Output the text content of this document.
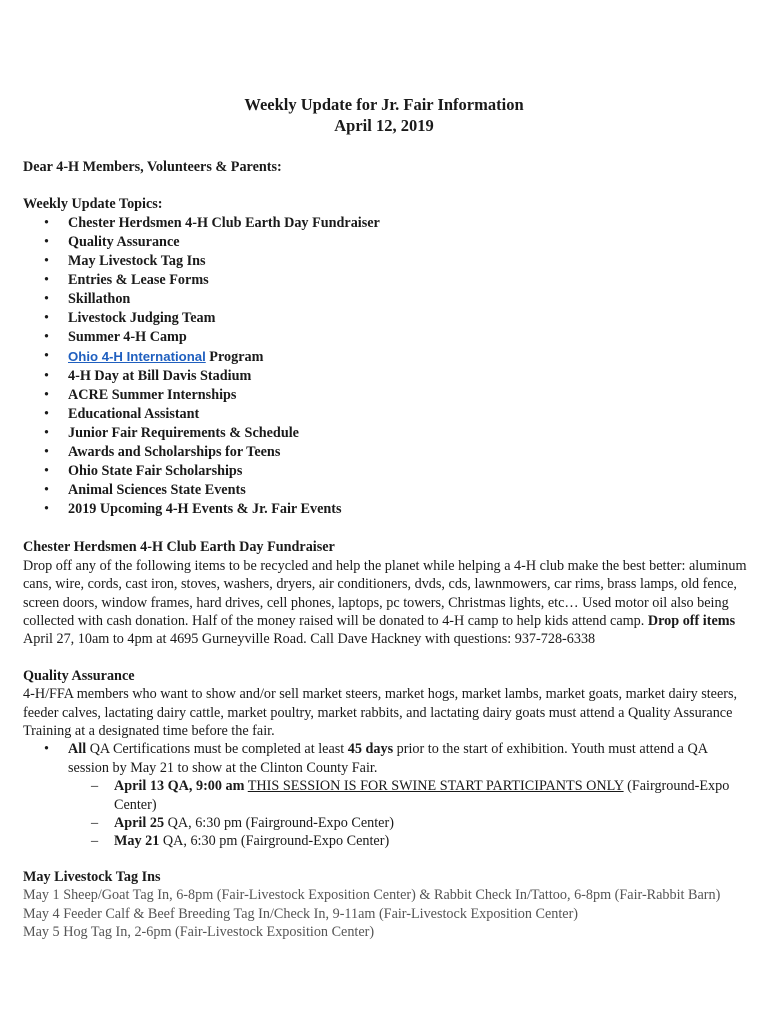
Weekly Update for Jr. Fair Information
April 12, 2019
Dear 4-H Members, Volunteers & Parents:
Weekly Update Topics:
• Chester Herdsmen 4-H Club Earth Day Fundraiser
• Quality Assurance
• May Livestock Tag Ins
• Entries & Lease Forms
• Skillathon
• Livestock Judging Team
• Summer 4-H Camp
• Ohio 4-H International Program
• 4-H Day at Bill Davis Stadium
• ACRE Summer Internships
• Educational Assistant
• Junior Fair Requirements & Schedule
• Awards and Scholarships for Teens
• Ohio State Fair Scholarships
• Animal Sciences State Events
• 2019 Upcoming 4-H Events & Jr. Fair Events
Chester Herdsmen 4-H Club Earth Day Fundraiser

Drop off any of the following items to be recycled and help the planet while helping a 4-H club make the best better: aluminum cans, wire, cords, cast iron, stoves, washers, dryers, air conditioners, dvds, cds, lawnmowers, car rims, brass lamps, old fence, screen doors, window frames, hard drives, cell phones, laptops, pc towers, Christmas lights, etc… Used motor oil also being collected with cash donation. Half of the money raised will be donated to 4-H camp to help kids attend camp. Drop off items April 27, 10am to 4pm at 4695 Gurneyville Road. Call Dave Hackney with questions: 937-728-6338

Quality Assurance

4-H/FFA members who want to show and/or sell market steers, market hogs, market lambs, market goats, market dairy steers, feeder calves, lactating dairy cattle, market poultry, market rabbits, and lactating dairy goats must attend a Quality Assurance Training at a designated time before the fair.

• All QA Certifications must be completed at least 45 days prior to the start of exhibition. Youth must attend a QA session by May 21 to show at the Clinton County Fair.
– April 13 QA, 9:00 am THIS SESSION IS FOR SWINE START PARTICIPANTS ONLY (Fairground-Expo Center)
– April 25 QA, 6:30 pm (Fairground-Expo Center)
– May 21 QA, 6:30 pm (Fairground-Expo Center)
May Livestock Tag Ins
May 1 Sheep/Goat Tag In, 6-8pm (Fair-Livestock Exposition Center) & Rabbit Check In/Tattoo, 6-8pm (Fair-Rabbit Barn)
May 4 Feeder Calf & Beef Breeding Tag In/Check In, 9-11am (Fair-Livestock Exposition Center)
May 5 Hog Tag In, 2-6pm (Fair-Livestock Exposition Center)
